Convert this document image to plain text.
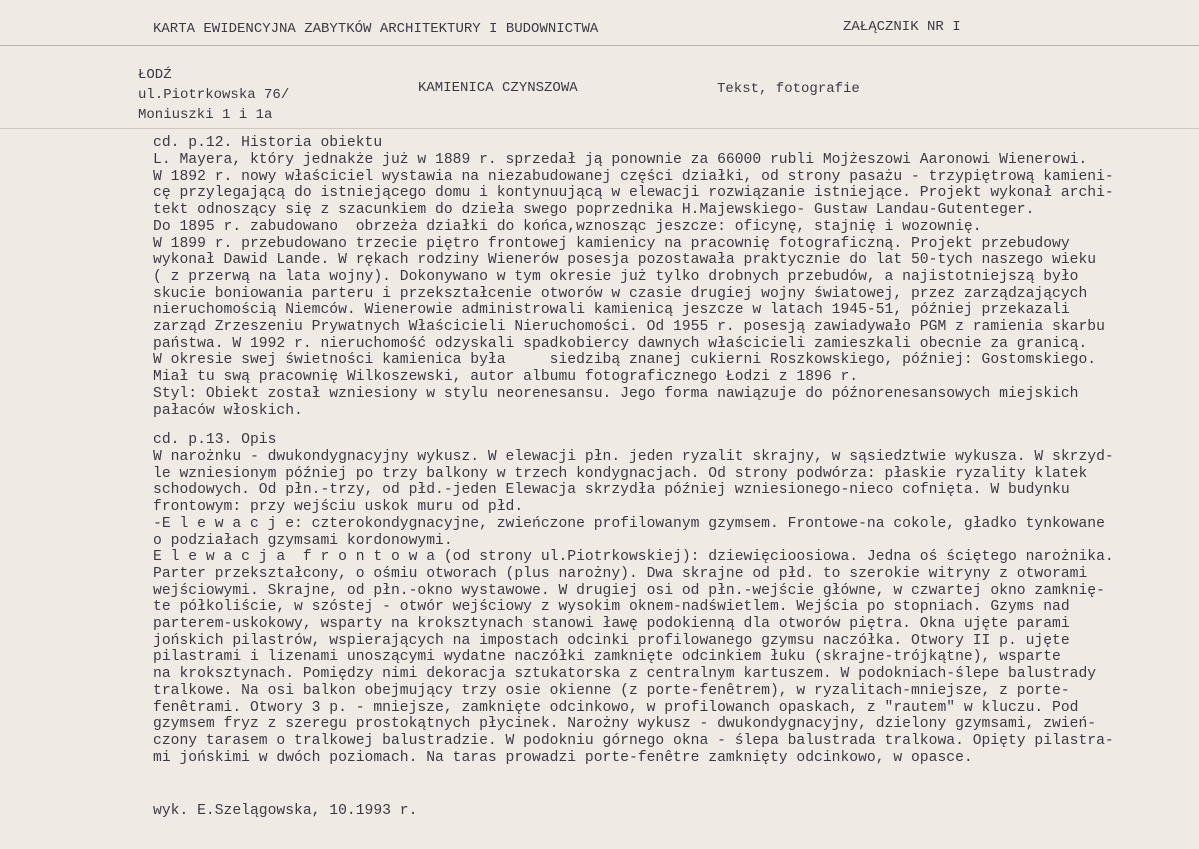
KARTA EWIDENCYJNA ZABYTKÓW ARCHITEKTURY I BUDOWNICTWA	ZAŁĄCZNIK NR I
ŁODŹ
ul.Piotrkowska 76/
Moniuszki 1 i 1a
KAMIENICA CZYNSZOWA	Tekst, fotografie
cd. p.12. Historia obiektu
L. Mayera, który jednakże już w 1889 r. sprzedał ją ponownie za 66000 rubli Mojżeszowi Aaronowi Wienerowi.
W 1892 r. nowy właściciel wystawia na niezabudowanej części działki, od strony pasażu - trzypiętrową kamieni-
cę przylegającą do istniejącego domu i kontynuującą w elewacji rozwiązanie istniejące. Projekt wykonał archi-
tekt odnoszący się z szacunkiem do dzieła swego poprzednika H.Majewskiego- Gustaw Landau-Gutenteger.
Do 1895 r. zabudowano  obrzeża działki do końca,wznosząc jeszcze: oficynę, stajnię i wozownię.
W 1899 r. przebudowano trzecie piętro frontowej kamienicy na pracownię fotograficzną. Projekt przebudowy
wykonał Dawid Lande. W rękach rodziny Wienerów posesja pozostawała praktycznie do lat 50-tych naszego wieku
( z przerwą na lata wojny). Dokonywano w tym okresie już tylko drobnych przebudów, a najistotniejszą było
skucie boniowania parteru i przekształcenie otworów w czasie drugiej wojny światowej, przez zarządzających
nieruchomością Niemców. Wienerowie administrowali kamienicą jeszcze w latach 1945-51, później przekazali
zarząd Zrzeszeniu Prywatnych Właścicieli Nieruchomości. Od 1955 r. posesją zawiadywało PGM z ramienia skarbu
państwa. W 1992 r. nieruchomość odzyskali spadkobiercy dawnych właścicieli zamieszkali obecnie za granicą.
W okresie swej świetności kamienica była     siedzibą znanej cukierni Roszkowskiego, później: Gostomskiego.
Miał tu swą pracownię Wilkoszewski, autor albumu fotograficznego Łodzi z 1896 r.
Styl: Obiekt został wzniesiony w stylu neorenesansu. Jego forma nawiązuje do późnorenesansowych miejskich
pałaców włoskich.
cd. p.13. Opis
W narożnku - dwukondygnacyjny wykusz. W elewacji płn. jeden ryzalit skrajny, w sąsiedztwie wykusza. W skrzyd-
le wzniesionym później po trzy balkony w trzech kondygnacjach. Od strony podwórza: płaskie ryzality klatek
schodowych. Od płn.-trzy, od płd.-jeden Elewacja skrzydła później wzniesionego-nieco cofnięta. W budynku
frontowym: przy wejściu uskok muru od płd.
-E l e w a c j e: czterokondygnacyjne, zwieńczone profilowanym gzymsem. Frontowe-na cokole, gładko tynkowane
o podziałach gzymsami kordonowymi.
E l e w a c j a  f r o n t o w a (od strony ul.Piotrkowskiej): dziewięcioosiowa. Jedna oś ściętego narożnika.
Parter przekształcony, o ośmiu otworach (plus narożny). Dwa skrajne od płd. to szerokie witryny z otworami
wejściowymi. Skrajne, od płn.-okno wystawowe. W drugiej osi od płn.-wejście główne, w czwartej okno zamknię-
te półkoliście, w szóstej - otwór wejściowy z wysokim oknem-nadświetlem. Wejścia po stopniach. Gzyms nad
parterem-uskokowy, wsparty na kroksztynach stanowi ławę podokienną dla otworów piętra. Okna ujęte parami
jońskich pilastrów, wspierających na impostach odcinki profilowanego gzymsu naczółka. Otwory II p. ujęte
pilastrami i lizenami unoszącymi wydatne naczółki zamknięte odcinkiem łuku (skrajne-trójkątne), wsparte
na kroksztynach. Pomiędzy nimi dekoracja sztukatorska z centralnym kartuszem. W podokniach-ślepe balustrady
tralkowe. Na osi balkon obejmujący trzy osie okienne (z porte-fenêtrem), w ryzalitach-mniejsze, z porte-
fenêtrami. Otwory 3 p. - mniejsze, zamknięte odcinkowo, w profilowanch opaskach, z "rautem" w kluczu. Pod
gzymsem fryz z szeregu prostokątnych płycinek. Narożny wykusz - dwukondygnacyjny, dzielony gzymsami, zwień-
czony tarasem o tralkowej balustradzie. W podokniu górnego okna - ślepa balustrada tralkowa. Opięty pilastra-
mi jońskimi w dwóch poziomach. Na taras prowadzi porte-fenêtre zamknięty odcinkowo, w opasce.
wyk. E.Szelągowska, 10.1993 r.
